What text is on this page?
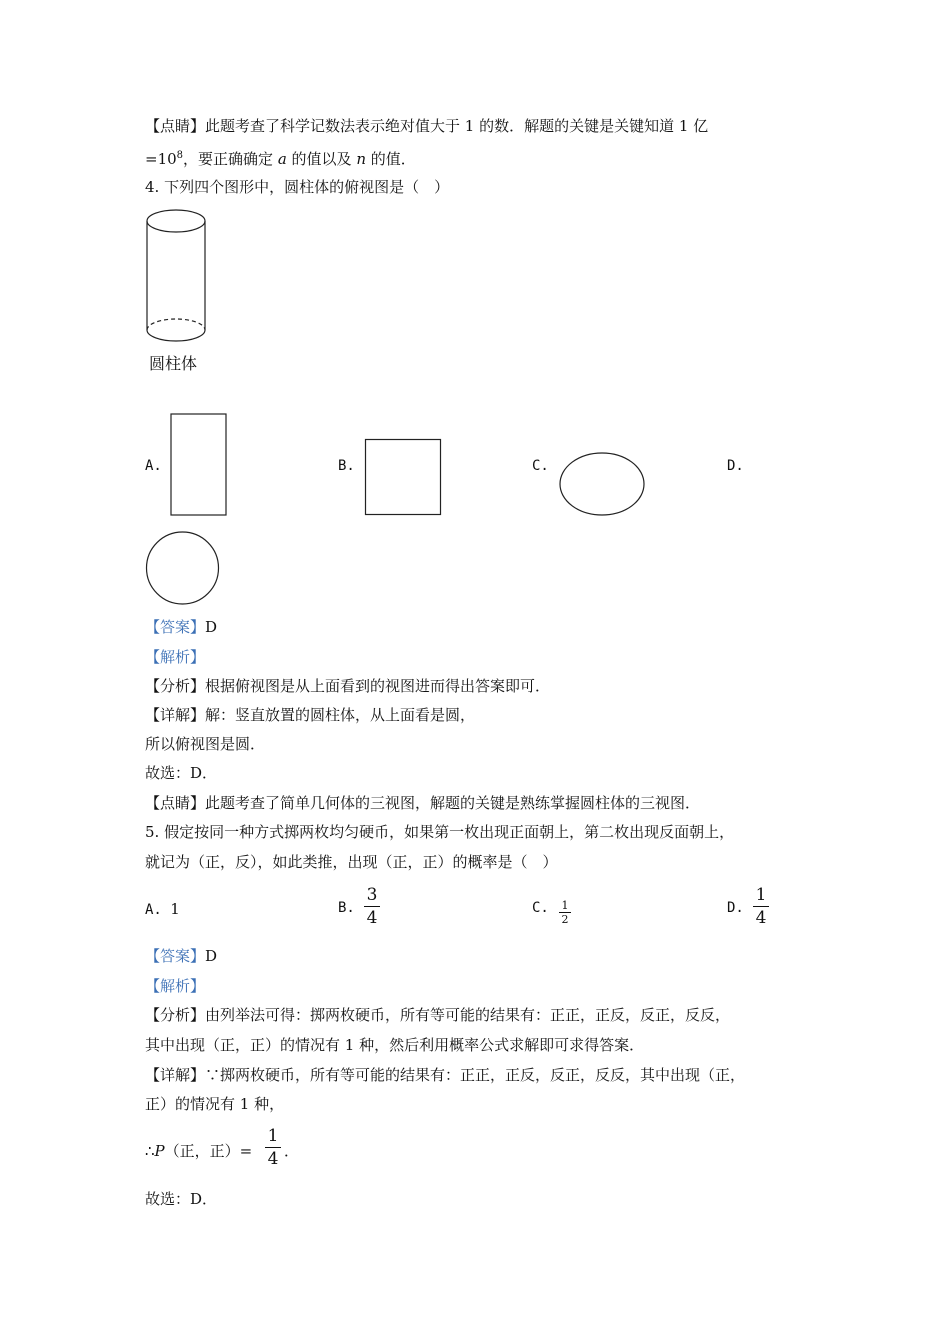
【点睛】此题考查了科学记数法表示绝对值大于 1 的数．解题的关键是关键知道 1 亿
$=10^8$，要正确确定 a 的值以及 n 的值．
4. 下列四个图形中，圆柱体的俯视图是（　）
圆柱体
A.	B.	C.	D.
【答案】D
【解析】
【分析】根据俯视图是从上面看到的视图进而得出答案即可．
【详解】解：竖直放置的圆柱体，从上面看是圆，
所以俯视图是圆．
故选：D．
【点睛】此题考查了简单几何体的三视图，解题的关键是熟练掌握圆柱体的三视图．
5. 假定按同一种方式掷两枚均匀硬币，如果第一枚出现正面朝上，第二枚出现反面朝上，
就记为（正，反），如此类推，出现（正，正）的概率是（　）
A. 1	B.
3
4	C. 1
2
D.
1
4
【答案】D
【解析】
【分析】由列举法可得：掷两枚硬币，所有等可能的结果有：正正，正反，反正，反反，
其中出现（正，正）的情况有 1 种，然后利用概率公式求解即可求得答案．
【详解】∵掷两枚硬币，所有等可能的结果有：正正，正反，反正，反反，其中出现（正，
正）的情况有 1 种，
∴P（正，正）=
1
4 ．
故选：D．
